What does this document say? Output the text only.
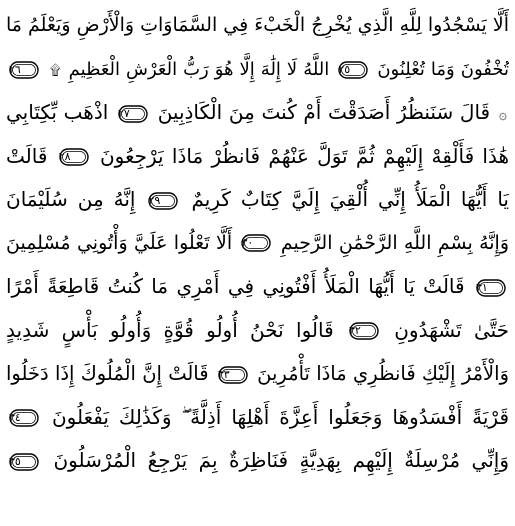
أَلَّا يَسْجُدُوا لِلَّهِ الَّذِي يُخْرِجُ الْخَبْءَ فِي السَّمَاوَاتِ وَالْأَرْضِ وَيَعْلَمُ مَا
تُخْفُونَ وَمَا تُعْلِنُونَ
٢٥
اللَّهُ لَا إِلَٰهَ إِلَّا هُوَ رَبُّ الْعَرْشِ الْعَظِيمِ ۩
٢٦
۞ قَالَ سَنَنظُرُ أَصَدَقْتَ أَمْ كُنتَ مِنَ الْكَاذِبِينَ
٢٧
اذْهَب بِّكِتَابِي
هَٰذَا فَأَلْقِهْ إِلَيْهِمْ ثُمَّ تَوَلَّ عَنْهُمْ فَانظُرْ مَاذَا يَرْجِعُونَ
٢٨
قَالَتْ
يَا أَيُّهَا الْمَلَأُ إِنِّي أُلْقِيَ إِلَيَّ كِتَابٌ كَرِيمٌ
٢٩
إِنَّهُ مِن سُلَيْمَانَ
وَإِنَّهُ بِسْمِ اللَّهِ الرَّحْمَٰنِ الرَّحِيمِ
٣٠
أَلَّا تَعْلُوا عَلَيَّ وَأْتُونِي مُسْلِمِينَ
٣١
قَالَتْ يَا أَيُّهَا الْمَلَأُ أَفْتُونِي فِي أَمْرِي مَا كُنتُ قَاطِعَةً أَمْرًا
حَتَّىٰ تَشْهَدُونِ
٣٢
قَالُوا نَحْنُ أُولُو قُوَّةٍ وَأُولُو بَأْسٍ شَدِيدٍ
وَالْأَمْرُ إِلَيْكِ فَانظُرِي مَاذَا تَأْمُرِينَ
٣٣
قَالَتْ إِنَّ الْمُلُوكَ إِذَا دَخَلُوا
قَرْيَةً أَفْسَدُوهَا وَجَعَلُوا أَعِزَّةَ أَهْلِهَا أَذِلَّةً ۖ وَكَذَٰلِكَ يَفْعَلُونَ
٣٤
وَإِنِّي مُرْسِلَةٌ إِلَيْهِم بِهَدِيَّةٍ فَنَاظِرَةٌ بِمَ يَرْجِعُ الْمُرْسَلُونَ
٣٥
